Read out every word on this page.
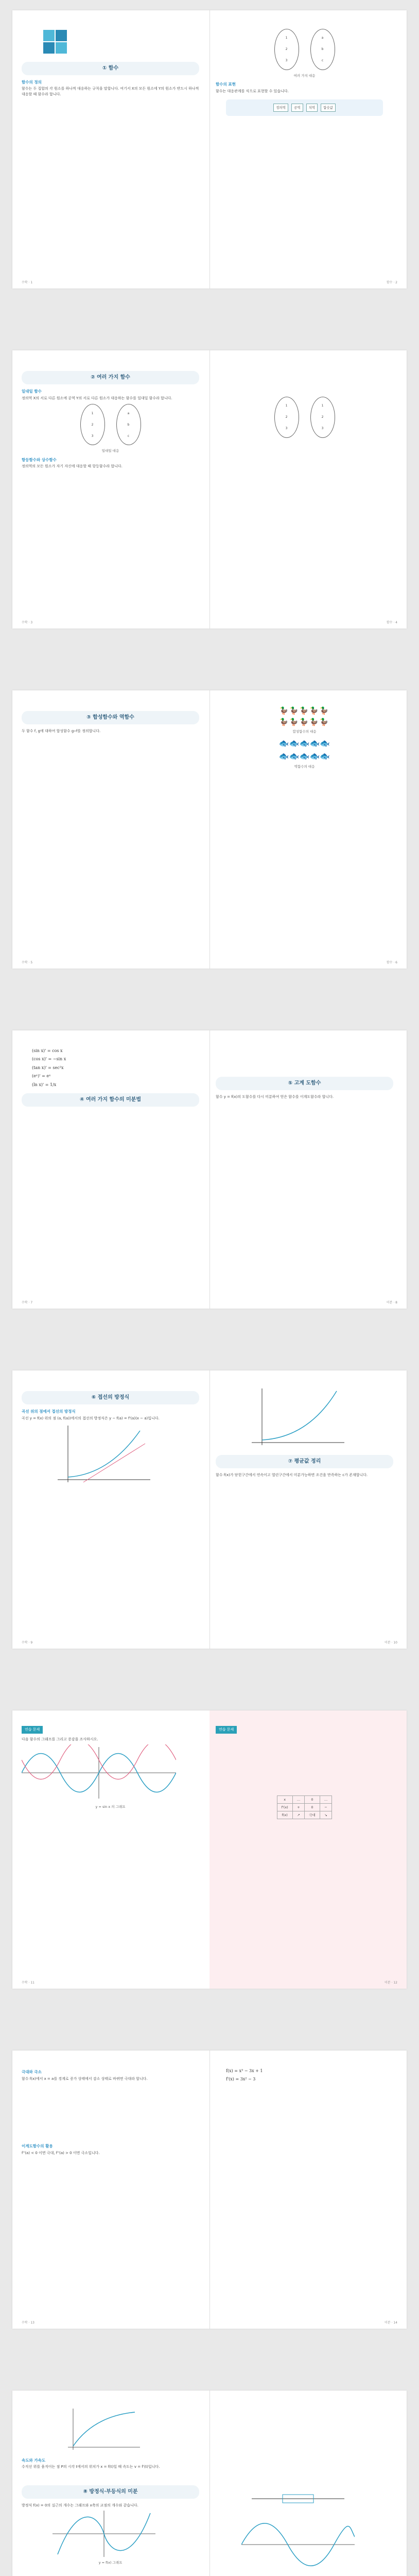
① 함수
함수의 정의

함수는 두 집합의 각 원소를 하나씩 대응하는 규칙을 말합니다. 여기서 X의 모든 원소에 Y의 원소가 반드시 하나씩 대응할 때 함수라 합니다.

1
2
3
a
b
c
여러 가지 대응
함수의 표현

함수는 대응관계를 식으로 표현할 수 있습니다.

정의역	공역	치역	함숫값
수학 · 1	함수 · 2
② 여러 가지 함수
일대일 함수

정의역 X의 서로 다른 원소에 공역 Y의 서로 다른 원소가 대응하는 함수를 일대일 함수라 합니다.

1
2
3
a
b
c
일대일 대응
항등함수와 상수함수

정의역의 모든 원소가 자기 자신에 대응할 때 항등함수라 합니다.

1
2
3
1
2
3
수학 · 3	함수 · 4
③ 합성함수와 역함수

두 함수 f, g에 대하여 합성함수 g∘f를 정의합니다.

🦆🦆🦆🦆🦆
🦆🦆🦆🦆🦆
합성함수의 대응
🐟🐟🐟🐟🐟
🐟🐟🐟🐟🐟
역함수의 대응
수학 · 5	함수 · 6
(sin x)' = cos x
(cos x)' = −sin x
(tan x)' = sec²x
(eˣ)' = eˣ
(ln x)' = 1/x
④ 여러 가지 함수의 미분법
⑤ 고계 도함수

함수 y = f(x)의 도함수를 다시 미분하여 얻은 함수를 이계도함수라 합니다.

수학 · 7	미분 · 8
⑥ 접선의 방정식
곡선 위의 점에서 접선의 방정식

곡선 y = f(x) 위의 점 (a, f(a))에서의 접선의 방정식은 y − f(a) = f'(a)(x − a)입니다.

⑦ 평균값 정리

함수 f(x)가 닫힌구간에서 연속이고 열린구간에서 미분가능하면 조건을 만족하는 c가 존재합니다.

수학 · 9	미분 · 10
연습 문제

다음 함수의 그래프를 그리고 증감을 조사하시오.

y = sin x 의 그래프
연습 문제
x	…	0	…
f'(x)	+	0	−
f(x)	↗	극대	↘
수학 · 11	미분 · 12
극대와 극소

함수 f(x)에서 x = a를 경계로 증가 상태에서 감소 상태로 바뀌면 극대라 합니다.

이계도함수의 활용

f''(a) < 0 이면 극대, f''(a) > 0 이면 극소입니다.

f(x) = x³ − 3x + 1
f'(x) = 3x² − 3
수학 · 13	미분 · 14
속도와 가속도

수직선 위를 움직이는 점 P의 시각 t에서의 위치가 x = f(t)일 때 속도는 v = f'(t)입니다.

⑧ 방정식·부등식의 미분

방정식 f(x) = 0의 실근의 개수는 그래프와 x축의 교점의 개수와 같습니다.

y = f(x) 그래프
